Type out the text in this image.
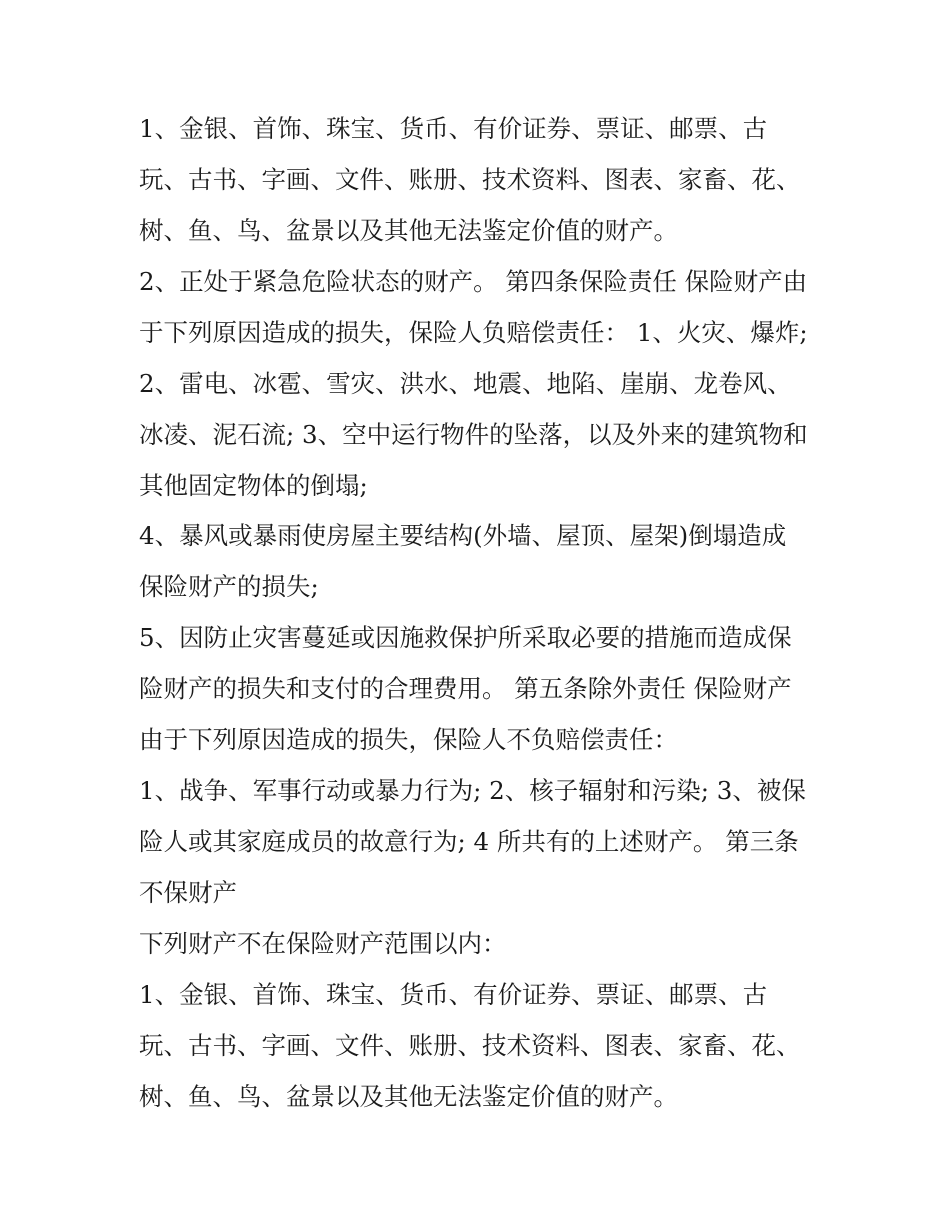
1、金银、首饰、珠宝、货币、有价证券、票证、邮票、古
玩、古书、字画、文件、账册、技术资料、图表、家畜、花、
树、鱼、鸟、盆景以及其他无法鉴定价值的财产。
2、正处于紧急危险状态的财产。 第四条保险责任 保险财产由
于下列原因造成的损失，保险人负赔偿责任： 1、火灾、爆炸;
2、雷电、冰雹、雪灾、洪水、地震、地陷、崖崩、龙卷风、
冰凌、泥石流; 3、空中运行物件的坠落，以及外来的建筑物和
其他固定物体的倒塌;
4、暴风或暴雨使房屋主要结构(外墙、屋顶、屋架)倒塌造成
保险财产的损失;
5、因防止灾害蔓延或因施救保护所采取必要的措施而造成保
险财产的损失和支付的合理费用。 第五条除外责任 保险财产
由于下列原因造成的损失，保险人不负赔偿责任：
1、战争、军事行动或暴力行为; 2、核子辐射和污染; 3、被保
险人或其家庭成员的故意行为; 4 所共有的上述财产。 第三条
不保财产
下列财产不在保险财产范围以内：
1、金银、首饰、珠宝、货币、有价证券、票证、邮票、古
玩、古书、字画、文件、账册、技术资料、图表、家畜、花、
树、鱼、鸟、盆景以及其他无法鉴定价值的财产。
